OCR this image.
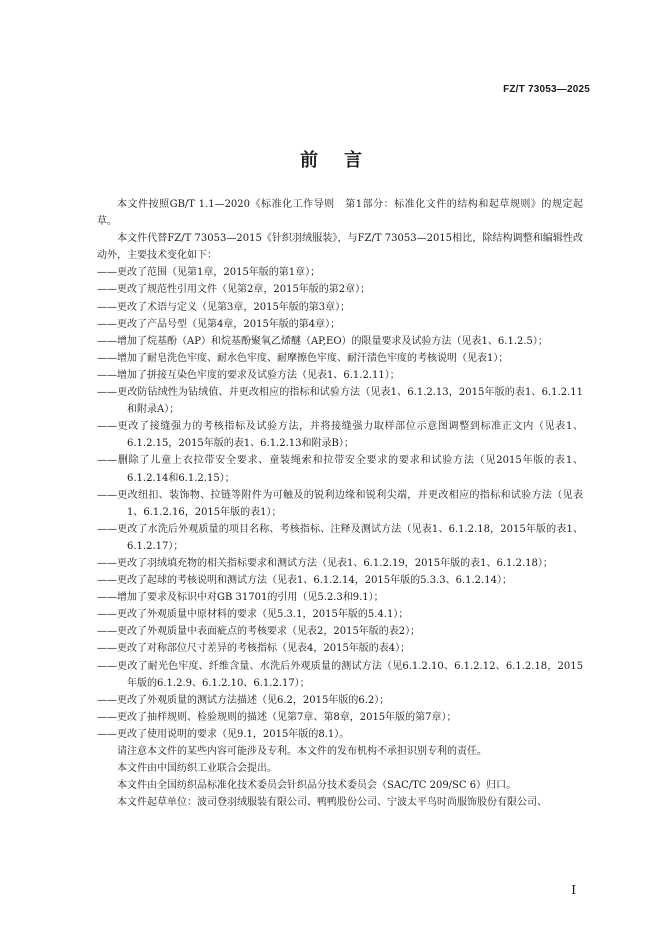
FZ/T 73053—2025
前言

本文件按照GB/T 1.1—2020《标准化工作导则　第1部分：标准化文件的结构和起草规则》的规定起草。

本文件代替FZ/T 73053—2015《针织羽绒服装》，与FZ/T 73053—2015相比，除结构调整和编辑性改动外，主要技术变化如下：

——更改了范围（见第1章，2015年版的第1章）；

——更改了规范性引用文件（见第2章，2015年版的第2章）；

——更改了术语与定义（见第3章，2015年版的第3章）；

——更改了产品号型（见第4章，2015年版的第4章）；

——增加了烷基酚（AP）和烷基酚聚氧乙烯醚（AP,EO）的限量要求及试验方法（见表1、6.1.2.5）；

——增加了耐皂洗色牢度、耐水色牢度、耐摩擦色牢度、耐汗渍色牢度的考核说明（见表1）；

——增加了拼接互染色牢度的要求及试验方法（见表1、6.1.2.11）；

——更改防钻绒性为钻绒值、并更改相应的指标和试验方法（见表1、6.1.2.13，2015年版的表1、6.1.2.11和附录A）；

——更改了接缝强力的考核指标及试验方法，并将接缝强力取样部位示意图调整到标准正文内（见表1、6.1.2.15，2015年版的表1、6.1.2.13和附录B）；

——删除了儿童上衣拉带安全要求、童装绳索和拉带安全要求的要求和试验方法（见2015年版的表1、6.1.2.14和6.1.2.15）；

——更改纽扣、装饰物、拉链等附件为可触及的锐利边缘和锐利尖端，并更改相应的指标和试验方法（见表1、6.1.2.16，2015年版的表1）；

——更改了水洗后外观质量的项目名称、考核指标、注释及测试方法（见表1、6.1.2.18，2015年版的表1、6.1.2.17）；

——更改了羽绒填充物的相关指标要求和测试方法（见表1、6.1.2.19，2015年版的表1、6.1.2.18）；

——更改了起球的考核说明和测试方法（见表1、6.1.2.14，2015年版的5.3.3、6.1.2.14）；

——增加了要求及标识中对GB 31701的引用（见5.2.3和9.1）；

——更改了外观质量中原材料的要求（见5.3.1，2015年版的5.4.1）；

——更改了外观质量中表面疵点的考核要求（见表2，2015年版的表2）；

——更改了对称部位尺寸差异的考核指标（见表4，2015年版的表4）；

——更改了耐光色牢度、纤维含量、水洗后外观质量的测试方法（见6.1.2.10、6.1.2.12、6.1.2.18，2015年版的6.1.2.9、6.1.2.10、6.1.2.17）；

——更改了外观质量的测试方法描述（见6.2，2015年版的6.2）；

——更改了抽样规则、检验规则的描述（见第7章、第8章，2015年版的第7章）；

——更改了使用说明的要求（见9.1，2015年版的8.1）。

请注意本文件的某些内容可能涉及专利。本文件的发布机构不承担识别专利的责任。

本文件由中国纺织工业联合会提出。

本文件由全国纺织品标准化技术委员会针织品分技术委员会（SAC/TC 209/SC 6）归口。

本文件起草单位：波司登羽绒服装有限公司、鸭鸭股份公司、宁波太平鸟时尚服饰股份有限公司、

I
